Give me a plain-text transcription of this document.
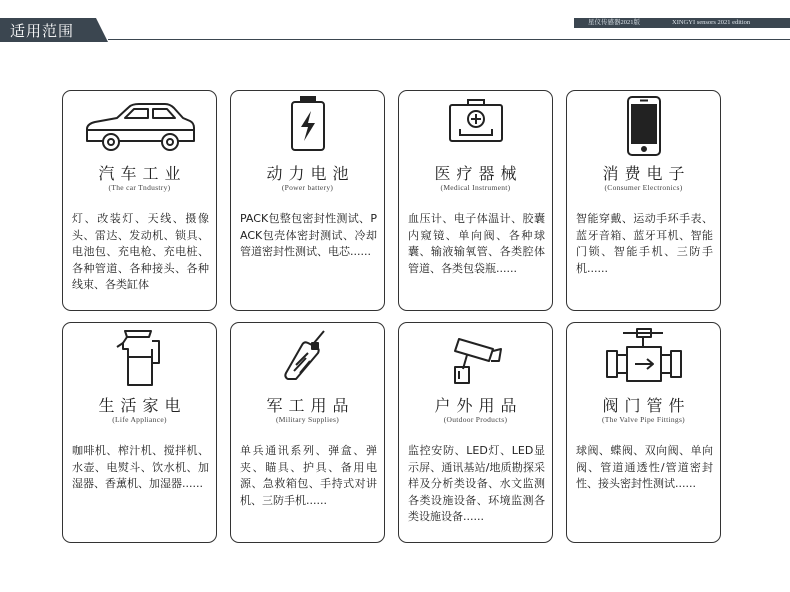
适用范围	星仪传感器2021版	XINGYI sensors 2021 edition
汽车工业
(The car Tndustry)
灯、改装灯、天线、摄像头、雷达、发动机、锁具、电池包、充电枪、充电桩、各种管道、各种接头、各种线束、各类缸体
动力电池
(Power battery)
PACK包整包密封性测试、PACK包壳体密封测试、冷却管道密封性测试、电芯......
医疗器械
(Medical Instrument)
血压计、电子体温计、胶囊内窥镜、单向阀、各种球囊、输液输氧管、各类腔体管道、各类包袋瓶......
消费电子
(Consumer Electronics)
智能穿戴、运动手环手表、蓝牙音箱、蓝牙耳机、智能门锁、智能手机、三防手机......
生活家电
(Life Appliance)
咖啡机、榨汁机、搅拌机、水壶、电熨斗、饮水机、加湿器、香薰机、加湿器......
军工用品
(Military Supplies)
单兵通讯系列、弹盒、弹夹、瞄具、护具、备用电源、急救箱包、手持式对讲机、三防手机......
户外用品
(Outdoor Products)
监控安防、LED灯、LED显示屏、通讯基站/地质勘探采样及分析类设备、水文监测各类设施设备、环境监测各类设施设备......
阀门管件
(The Valve Pipe Fittings)
球阀、蝶阀、双向阀、单向阀、管道通透性/管道密封性、接头密封性测试......
